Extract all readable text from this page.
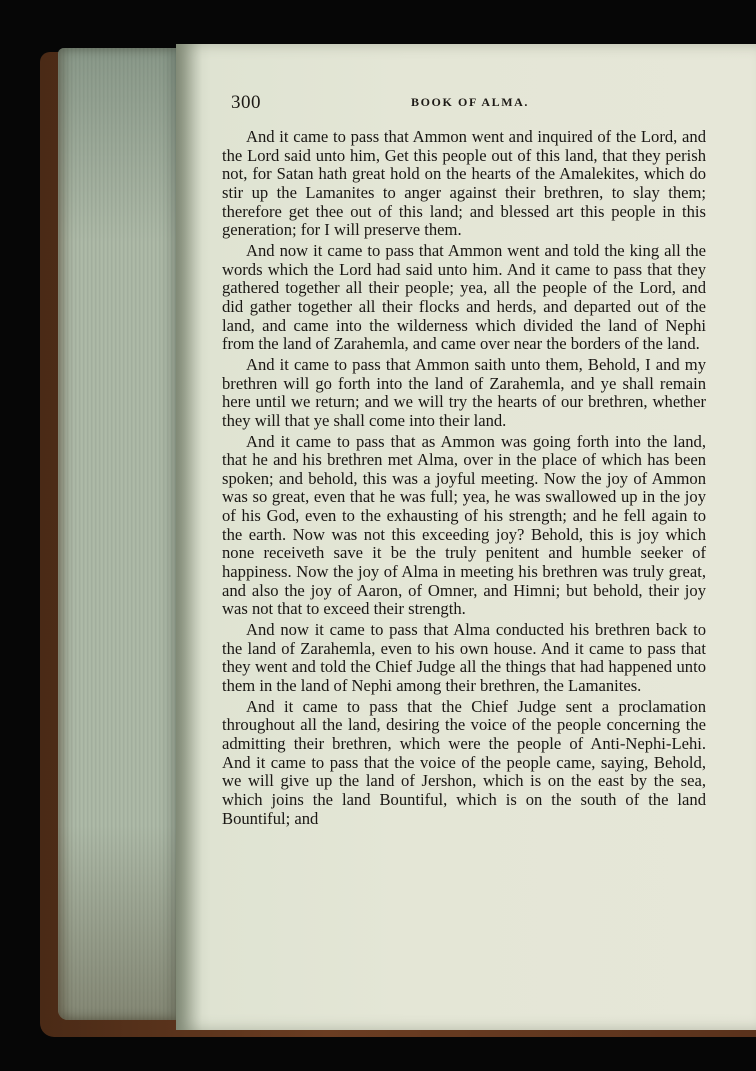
300	BOOK OF ALMA.

And it came to pass that Ammon went and inquired of the Lord, and the Lord said unto him, Get this people out of this land, that they perish not, for Satan hath great hold on the hearts of the Amalekites, which do stir up the Lamanites to anger against their brethren, to slay them; therefore get thee out of this land; and blessed art this people in this generation; for I will preserve them.

And now it came to pass that Ammon went and told the king all the words which the Lord had said unto him. And it came to pass that they gathered together all their people; yea, all the people of the Lord, and did gather together all their flocks and herds, and departed out of the land, and came into the wilderness which divided the land of Nephi from the land of Zarahemla, and came over near the borders of the land.

And it came to pass that Ammon saith unto them, Behold, I and my brethren will go forth into the land of Zarahemla, and ye shall remain here until we return; and we will try the hearts of our brethren, whether they will that ye shall come into their land.

And it came to pass that as Ammon was going forth into the land, that he and his brethren met Alma, over in the place of which has been spoken; and behold, this was a joyful meeting. Now the joy of Ammon was so great, even that he was full; yea, he was swallowed up in the joy of his God, even to the exhausting of his strength; and he fell again to the earth. Now was not this exceeding joy? Behold, this is joy which none receiveth save it be the truly penitent and humble seeker of happiness. Now the joy of Alma in meeting his brethren was truly great, and also the joy of Aaron, of Omner, and Himni; but behold, their joy was not that to exceed their strength.

And now it came to pass that Alma conducted his brethren back to the land of Zarahemla, even to his own house. And it came to pass that they went and told the Chief Judge all the things that had happened unto them in the land of Nephi among their brethren, the Lamanites.

And it came to pass that the Chief Judge sent a proclamation throughout all the land, desiring the voice of the people concerning the admitting their brethren, which were the people of Anti-Nephi-Lehi. And it came to pass that the voice of the people came, saying, Behold, we will give up the land of Jershon, which is on the east by the sea, which joins the land Bountiful, which is on the south of the land Bountiful; and
